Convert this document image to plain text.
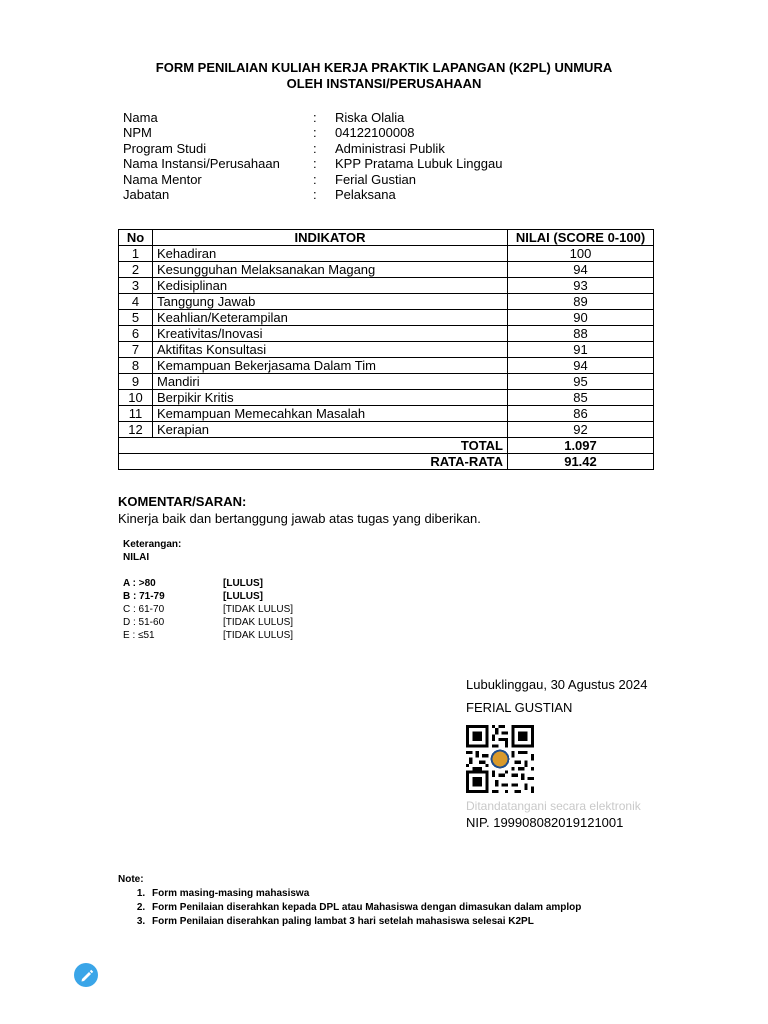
FORM PENILAIAN KULIAH KERJA PRAKTIK LAPANGAN (K2PL) UNMURA
OLEH INSTANSI/PERUSAHAAN
Nama	:	Riska Olalia
NPM	:	04122100008
Program Studi	:	Administrasi Publik
Nama Instansi/Perusahaan	:	KPP Pratama Lubuk Linggau
Nama Mentor	:	Ferial Gustian
Jabatan	:	Pelaksana
No	INDIKATOR	NILAI (SCORE 0-100)
1	Kehadiran	100
2	Kesungguhan Melaksanakan Magang	94
3	Kedisiplinan	93
4	Tanggung Jawab	89
5	Keahlian/Keterampilan	90
6	Kreativitas/Inovasi	88
7	Aktifitas Konsultasi	91
8	Kemampuan Bekerjasama Dalam Tim	94
9	Mandiri	95
10	Berpikir Kritis	85
11	Kemampuan Memecahkan Masalah	86
12	Kerapian	92
TOTAL		1.097
RATA-RATA		91.42
KOMENTAR/SARAN:
Kinerja baik dan bertanggung jawab atas tugas yang diberikan.
Keterangan:
NILAI
A : >80	[LULUS]
B : 71-79	[LULUS]
C : 61-70	[TIDAK LULUS]
D : 51-60	[TIDAK LULUS]
E : ≤51	[TIDAK LULUS]
Lubuklinggau, 30 Agustus 2024
FERIAL GUSTIAN
Ditandatangani secara elektronik
NIP. 199908082019121001
Note:
1. Form masing-masing mahasiswa
2. Form Penilaian diserahkan kepada DPL atau Mahasiswa dengan dimasukan dalam amplop
3. Form Penilaian diserahkan paling lambat 3 hari setelah mahasiswa selesai K2PL
